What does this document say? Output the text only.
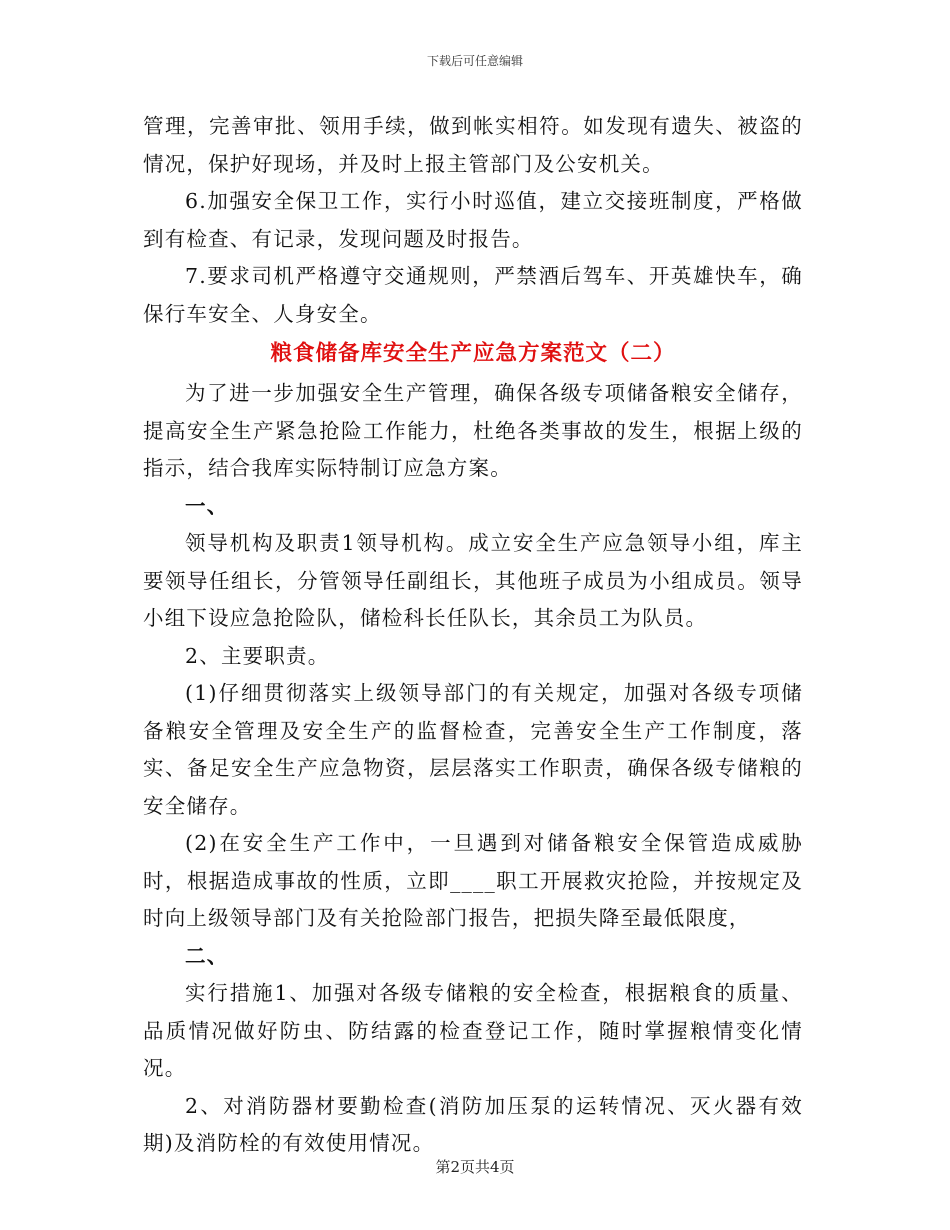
下载后可任意编辑

管理，完善审批、领用手续，做到帐实相符。如发现有遗失、被盗的情况，保护好现场，并及时上报主管部门及公安机关。

6.加强安全保卫工作，实行小时巡值，建立交接班制度，严格做到有检查、有记录，发现问题及时报告。

7.要求司机严格遵守交通规则，严禁酒后驾车、开英雄快车，确保行车安全、人身安全。

粮食储备库安全生产应急方案范文（二）

为了进一步加强安全生产管理，确保各级专项储备粮安全储存，提高安全生产紧急抢险工作能力，杜绝各类事故的发生，根据上级的指示，结合我库实际特制订应急方案。

一、

领导机构及职责1领导机构。成立安全生产应急领导小组，库主要领导任组长，分管领导任副组长，其他班子成员为小组成员。领导小组下设应急抢险队，储检科长任队长，其余员工为队员。

2、主要职责。

(1)仔细贯彻落实上级领导部门的有关规定，加强对各级专项储备粮安全管理及安全生产的监督检查，完善安全生产工作制度，落实、备足安全生产应急物资，层层落实工作职责，确保各级专储粮的安全储存。

(2)在安全生产工作中，一旦遇到对储备粮安全保管造成威胁时，根据造成事故的性质，立即____职工开展救灾抢险，并按规定及时向上级领导部门及有关抢险部门报告，把损失降至最低限度，

二、

实行措施1、加强对各级专储粮的安全检查，根据粮食的质量、品质情况做好防虫、防结露的检查登记工作，随时掌握粮情变化情况。

2、对消防器材要勤检查(消防加压泵的运转情况、灭火器有效期)及消防栓的有效使用情况。

第2页共4页
